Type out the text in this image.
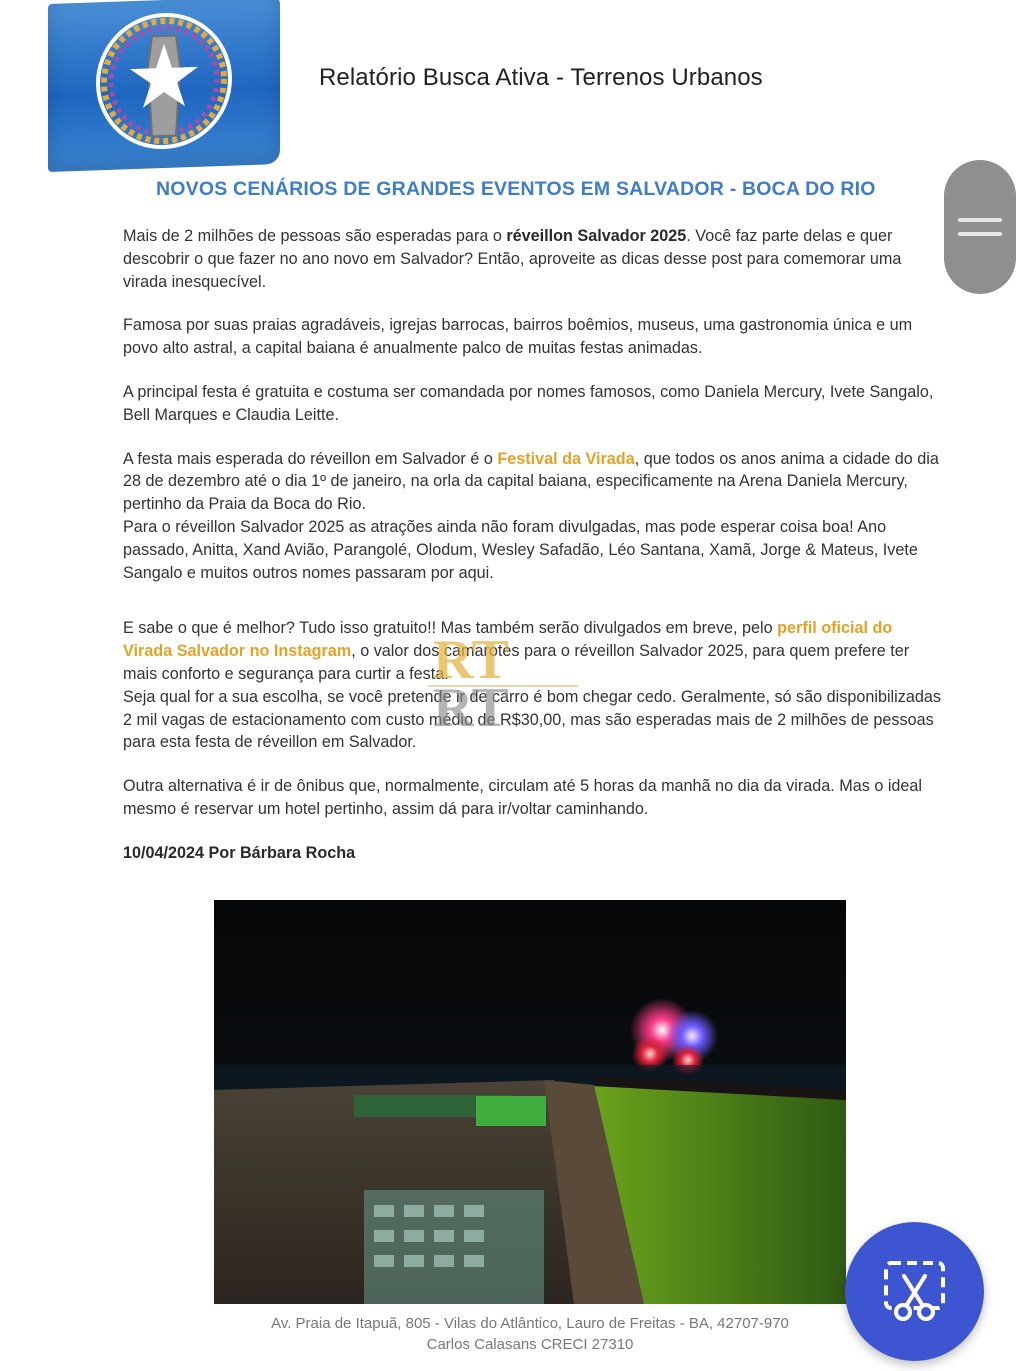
Relatório Busca Ativa - Terrenos Urbanos
NOVOS CENÁRIOS DE GRANDES EVENTOS EM SALVADOR - BOCA DO RIO

Mais de 2 milhões de pessoas são esperadas para o réveillon Salvador 2025. Você faz parte delas e quer descobrir o que fazer no ano novo em Salvador? Então, aproveite as dicas desse post para comemorar uma virada inesquecível.

Famosa por suas praias agradáveis, igrejas barrocas, bairros boêmios, museus, uma gastronomia única e um povo alto astral, a capital baiana é anualmente palco de muitas festas animadas.

A principal festa é gratuita e costuma ser comandada por nomes famosos, como Daniela Mercury, Ivete Sangalo, Bell Marques e Claudia Leitte.

A festa mais esperada do réveillon em Salvador é o Festival da Virada, que todos os anos anima a cidade do dia 28 de dezembro até o dia 1º de janeiro, na orla da capital baiana, especificamente na Arena Daniela Mercury, pertinho da Praia da Boca do Rio.

Para o réveillon Salvador 2025 as atrações ainda não foram divulgadas, mas pode esperar coisa boa! Ano passado, Anitta, Xand Avião, Parangolé, Olodum, Wesley Safadão, Léo Santana, Xamã, Jorge & Mateus, Ivete Sangalo e muitos outros nomes passaram por aqui.

E sabe o que é melhor? Tudo isso gratuito!! Mas também serão divulgados em breve, pelo perfil oficial do Virada Salvador no Instagram, o valor dos camarotes para o réveillon Salvador 2025, para quem prefere ter mais conforto e segurança para curtir a festa.

Seja qual for a sua escolha, se você pretende ir de carro é bom chegar cedo. Geralmente, só são disponibilizadas 2 mil vagas de estacionamento com custo médio de R$30,00, mas são esperadas mais de 2 milhões de pessoas para esta festa de réveillon em Salvador.

Outra alternativa é ir de ônibus que, normalmente, circulam até 5 horas da manhã no dia da virada. Mas o ideal mesmo é reservar um hotel pertinho, assim dá para ir/voltar caminhando.

10/04/2024 Por Bárbara Rocha

RT
RT
Av. Praia de Itapuã, 805 - Vilas do Atlântico, Lauro de Freitas - BA, 42707-970
Carlos Calasans CRECI 27310
